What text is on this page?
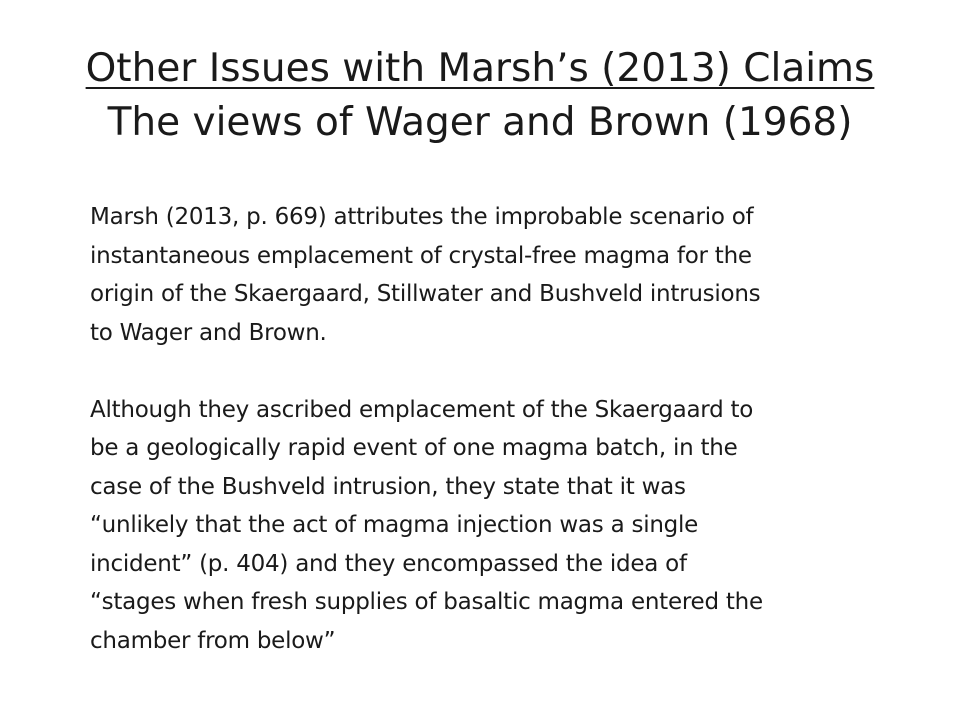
Other Issues with Marsh’s (2013) Claims
The views of Wager and Brown (1968)

Marsh (2013, p. 669) attributes the improbable scenario of
instantaneous emplacement of crystal-free magma for the
origin of the Skaergaard, Stillwater and Bushveld intrusions
to Wager and Brown.

Although they ascribed emplacement of the Skaergaard to
be a geologically rapid event of one magma batch, in the
case of the Bushveld intrusion, they state that it was
“unlikely that the act of magma injection was a single
incident” (p. 404) and they encompassed the idea of
“stages when fresh supplies of basaltic magma entered the
chamber from below”
